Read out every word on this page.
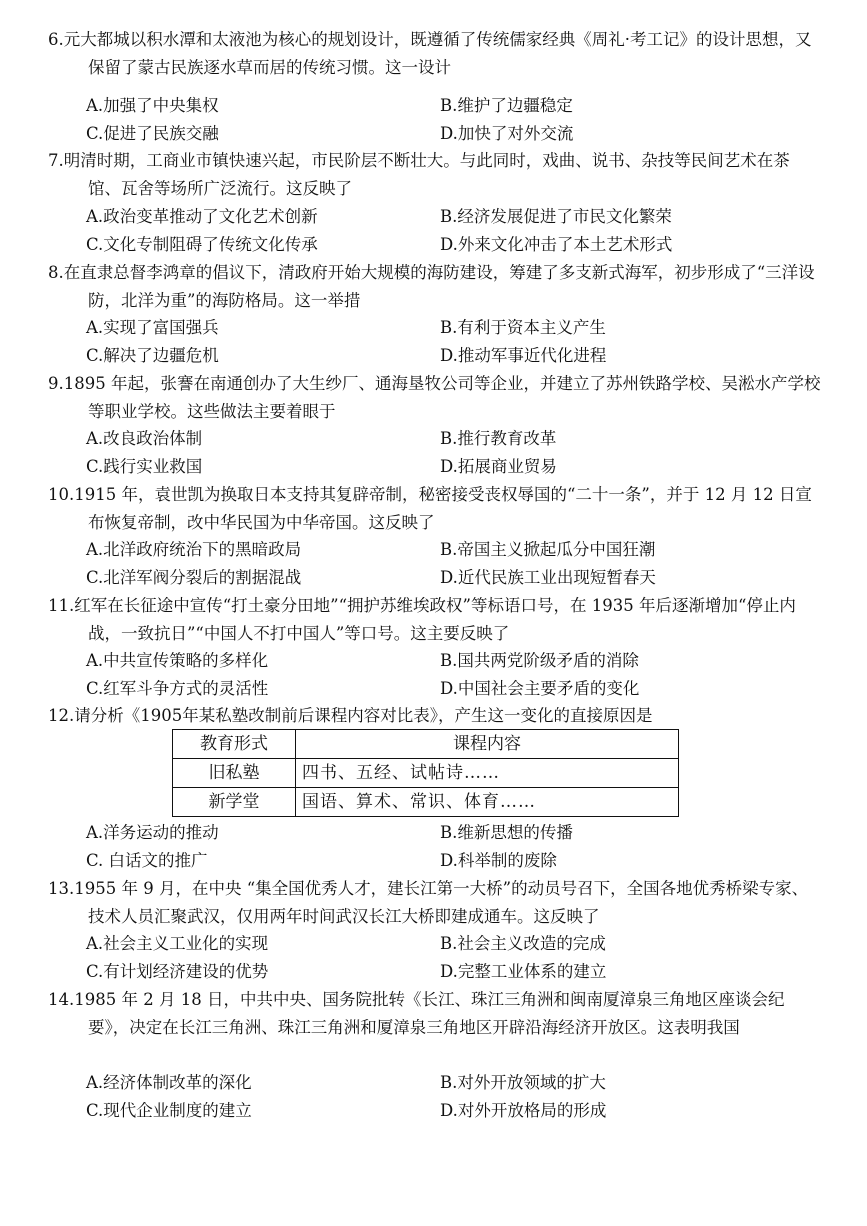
6.元大都城以积水潭和太液池为核心的规划设计，既遵循了传统儒家经典《周礼·考工记》的设计思想，又保留了蒙古民族逐水草而居的传统习惯。这一设计

A.加强了中央集权	B.维护了边疆稳定
C.促进了民族交融	D.加快了对外交流

7.明清时期，工商业市镇快速兴起，市民阶层不断壮大。与此同时，戏曲、说书、杂技等民间艺术在茶馆、瓦舍等场所广泛流行。这反映了

A.政治变革推动了文化艺术创新	B.经济发展促进了市民文化繁荣
C.文化专制阻碍了传统文化传承	D.外来文化冲击了本土艺术形式

8.在直隶总督李鸿章的倡议下，清政府开始大规模的海防建设，筹建了多支新式海军，初步形成了“三洋设防，北洋为重”的海防格局。这一举措

A.实现了富国强兵	B.有利于资本主义产生
C.解决了边疆危机	D.推动军事近代化进程

9.1895 年起，张謇在南通创办了大生纱厂、通海垦牧公司等企业，并建立了苏州铁路学校、吴淞水产学校等职业学校。这些做法主要着眼于

A.改良政治体制	B.推行教育改革
C.践行实业救国	D.拓展商业贸易

10.1915 年，袁世凯为换取日本支持其复辟帝制，秘密接受丧权辱国的“二十一条”，并于 12 月 12 日宣布恢复帝制，改中华民国为中华帝国。这反映了

A.北洋政府统治下的黑暗政局	B.帝国主义掀起瓜分中国狂潮
C.北洋军阀分裂后的割据混战	D.近代民族工业出现短暂春天

11.红军在长征途中宣传“打土豪分田地”“拥护苏维埃政权”等标语口号，在 1935 年后逐渐增加“停止内战，一致抗日”“中国人不打中国人”等口号。这主要反映了

A.中共宣传策略的多样化	B.国共两党阶级矛盾的消除
C.红军斗争方式的灵活性	D.中国社会主要矛盾的变化

12.请分析《1905年某私塾改制前后课程内容对比表》，产生这一变化的直接原因是

教育形式	课程内容
旧私塾	四书、五经、试帖诗……
新学堂	国语、算术、常识、体育……
A.洋务运动的推动	B.维新思想的传播
C. 白话文的推广	D.科举制的废除

13.1955 年 9 月，在中央 “集全国优秀人才，建长江第一大桥”的动员号召下，全国各地优秀桥梁专家、技术人员汇聚武汉，仅用两年时间武汉长江大桥即建成通车。这反映了

A.社会主义工业化的实现	B.社会主义改造的完成
C.有计划经济建设的优势	D.完整工业体系的建立

14.1985 年 2 月 18 日，中共中央、国务院批转《长江、珠江三角洲和闽南厦漳泉三角地区座谈会纪要》，决定在长江三角洲、珠江三角洲和厦漳泉三角地区开辟沿海经济开放区。这表明我国

A.经济体制改革的深化	B.对外开放领域的扩大
C.现代企业制度的建立	D.对外开放格局的形成
